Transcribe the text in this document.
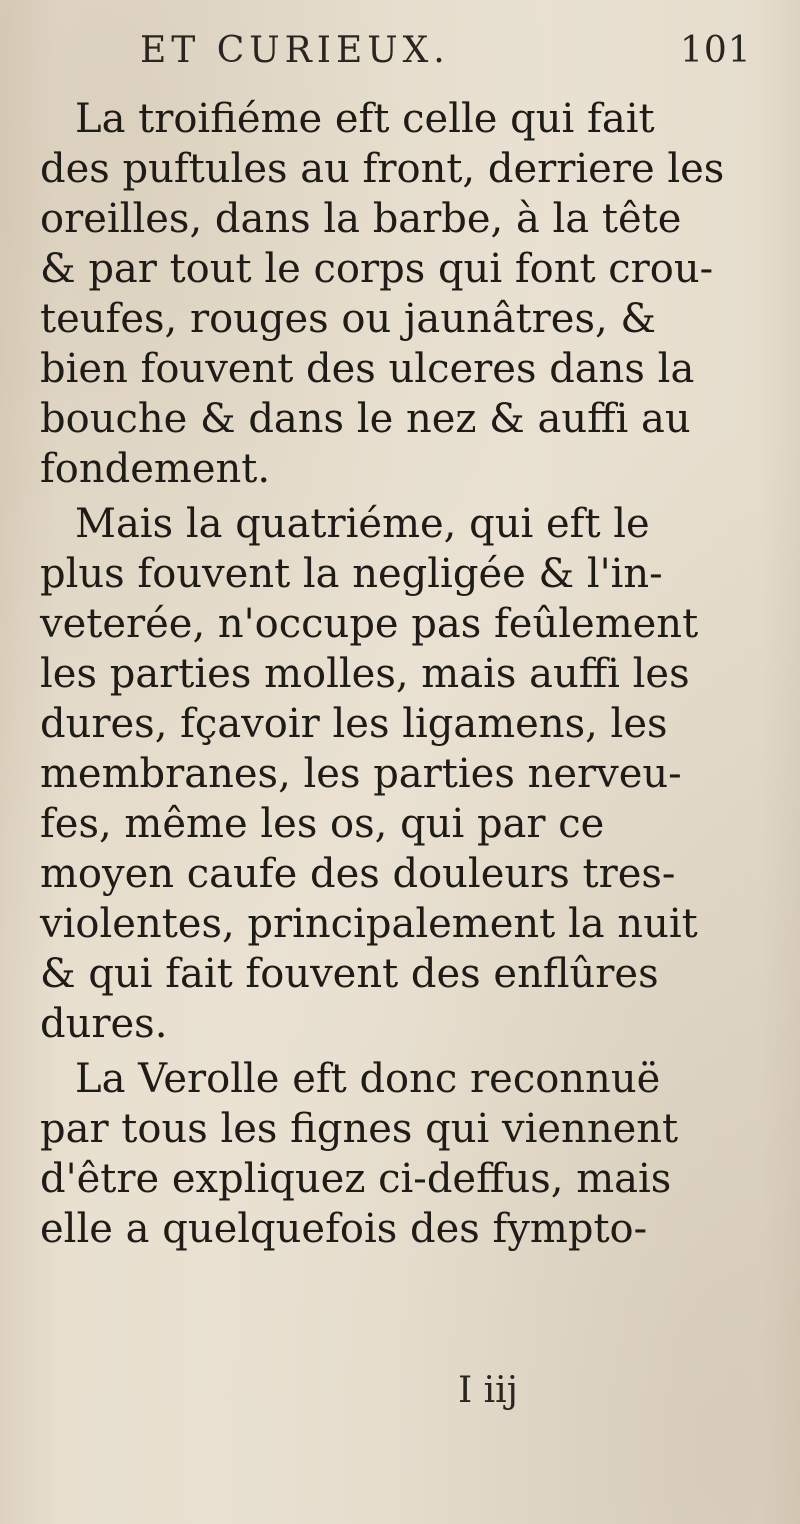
ET CURIEUX.	101
La troifiéme eft celle qui fait
des puftules au front, derriere les
oreilles, dans la barbe, à la tête
& par tout le corps qui font crou-
teufes, rouges ou jaunâtres, &
bien fouvent des ulceres dans la
bouche & dans le nez & auffi au
fondement.
Mais la quatriéme, qui eft le
plus fouvent la negligée & l'in-
veterée, n'occupe pas feûlement
les parties molles, mais auffi les
dures, fçavoir les ligamens, les
membranes, les parties nerveu-
fes, même les os, qui par ce
moyen caufe des douleurs tres-
violentes, principalement la nuit
& qui fait fouvent des enflûres
dures.
La Verolle eft donc reconnuë
par tous les fignes qui viennent
d'être expliquez ci-deffus, mais
elle a quelquefois des fympto-
I iij
